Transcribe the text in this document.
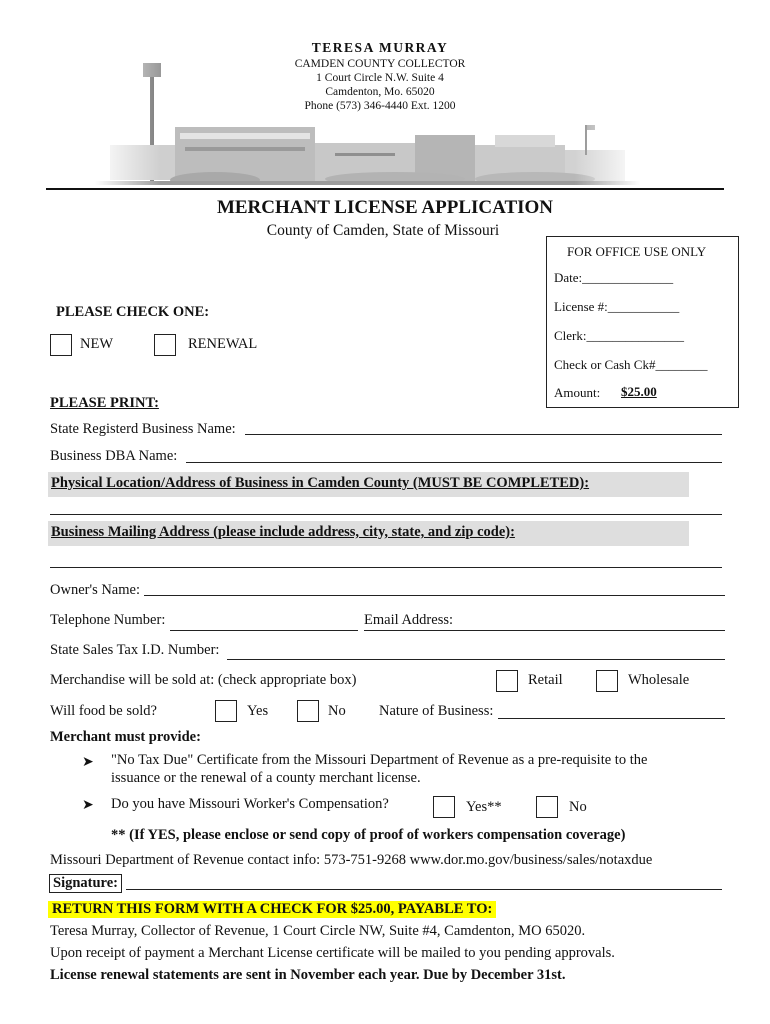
TERESA MURRAY
CAMDEN COUNTY COLLECTOR
1 Court Circle N.W. Suite 4
Camdenton, Mo. 65020
Phone (573) 346-4440 Ext. 1200
MERCHANT LICENSE APPLICATION
County of Camden, State of Missouri
FOR OFFICE USE ONLY
Date:______________
License #:___________
Clerk:_______________
Check or Cash Ck#________
Amount:	$25.00
PLEASE CHECK ONE:
NEW	RENEWAL
PLEASE PRINT:
State Registerd Business Name:
Business DBA Name:
Physical Location/Address of Business in Camden County (MUST BE COMPLETED):
Business Mailing Address (please include address, city, state, and zip code):
Owner's Name:
Telephone Number:	Email Address:
State Sales Tax I.D. Number:
Merchandise will be sold at: (check appropriate box)	Retail	Wholesale
Will food be sold?	Yes	No Nature of Business:
Merchant must provide:
➤ "No Tax Due" Certificate from the Missouri Department of Revenue as a pre-requisite to the
issuance or the renewal of a county merchant license.
➤ Do you have Missouri Worker's Compensation?	Yes**	No
** (If YES, please enclose or send copy of proof of workers compensation coverage)
Missouri Department of Revenue contact info: 573-751-9268 www.dor.mo.gov/business/sales/notaxdue
Signature:
RETURN THIS FORM WITH A CHECK FOR $25.00, PAYABLE TO:
Teresa Murray, Collector of Revenue, 1 Court Circle NW, Suite #4, Camdenton, MO 65020.
Upon receipt of payment a Merchant License certificate will be mailed to you pending approvals.
License renewal statements are sent in November each year. Due by December 31st.
